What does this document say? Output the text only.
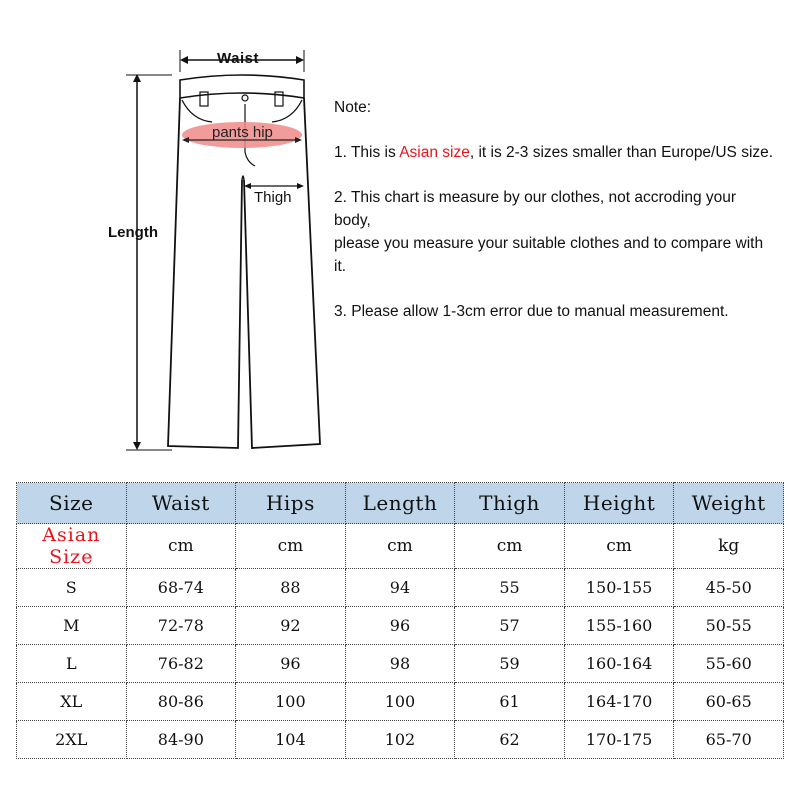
Waist
Length
pants hip
Thigh

Note:

1. This is Asian size, it is 2-3 sizes smaller than Europe/US size.

2. This chart is measure by our clothes, not accroding your body,
please you measure your suitable clothes and to compare with it.

3. Please allow 1-3cm error due to manual measurement.

Size	Waist	Hips	Length	Thigh	Height	Weight
Asian Size	cm	cm	cm	cm	cm	kg
S	68-74	88	94	55	150-155	45-50
M	72-78	92	96	57	155-160	50-55
L	76-82	96	98	59	160-164	55-60
XL	80-86	100	100	61	164-170	60-65
2XL	84-90	104	102	62	170-175	65-70
